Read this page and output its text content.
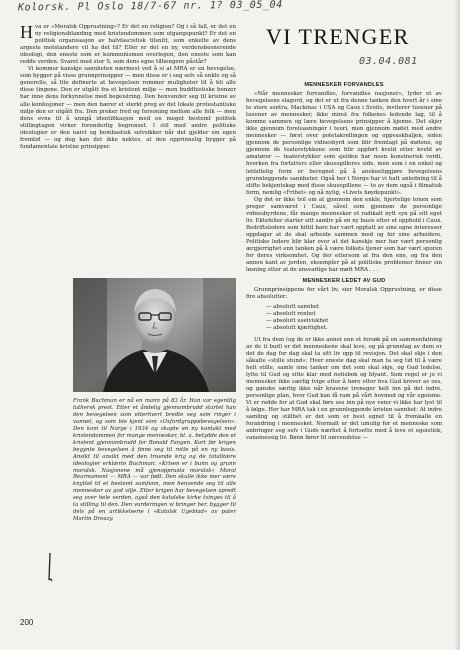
Kolorsk. Pl Oslo 18/7-67 nr. 1? 03_05_04

Hva er «Moralsk Opprustning»? Er det en religion? Og i så fall, er det en ny religionsblanding med kristendommen som utgangspunkt? Er det en politisk organisasjon av halvfascistisk tilsnitt, som enkelte av dens argeste motstandere vil ha det til? Eller er det en ny, verdensbesnerende ideologi, den eneste som er kommunismen overlegen, den eneste som kan redde verden. Svaret med stor S, som dens egne tilhengere påstår?

Vi kommer kanskje sannheten nærmest ved å si at MRA er en bevegelse, som bygger på visse grunnprinsipper — men disse er i seg selv så enkle og så generelle, så lite definerte at bevegelsen rommer muligheter til å bli alle disse tingene. Den er utgått fra et kristent miljø — men buddhistiske bonzer har inne dens forkynnelse med begeistring. Den henvender seg til kristne av alle konfesjoner — men den bærer et sterkt preg av det lokale protestantiske miljø den er utgått fra. Den preker fred og forsoning mellom alle folk — men dens evne til å unngå identifikasjon med en meget bestemt politisk stillingtagen virker forunderlig begrenset. I stil med andre politiske ideologier er den naivt og bombastisk selvsikker når det gjelder sin egen fremtid — og dog kan det ikke nektes, at den opprinnelig bygger på fundamentale kristne prinsipper.

VI TRENGER
03.04.081

Frank Buchman er nå en mann på 83 år. Han var egentlig luthersk prest. Etter et åndelig gjennombrudd startet han den bevegelsen som etterhvert bredte seg som ringer i vannet, og som ble kjent som «Oxfordgruppebevegelsen». Den kom til Norge i 1934 og skapte en ny kontakt med kristendommen for mange mennesker, bl. a. betydde den et kristent gjennombrudd for Ronald Fangen. Kort før krigen begynte bevegelsen å finne seg til rette på en ny basis. Ansikt til ansikt med den truende krig og de totalitære ideologier erklærte Buchman: «Krisen er i bunn og grunn moralsk. Nasjonene må gjenopprusta moralsk» Moral Rearmament — MRA — var født. Den skulle ikke mer være knyttet til et bestemt samfunn, men henvende seg til alle mennesker av god vilje. Etter krigen har bevegelsen spredt seg over hele verden, også den katolske kirke tvinges til å ta stilling til den. Den vurderingen vi bringer her, bygger til dels på en artikkelserie i «Katolsk Ugeblad» av pater Martin Drouzy.

MENNESKER FORVANDLES

«Når mennesker forvandles, forvandles nasjoner», lyder et av bevegelsens slagord, og det er ut fra denne tanken den hvert år i sine to store sentra, Mackinac i USA og Caux i Sveits, inviterer tusener på tusener av mennesker, ikke minst fra folkenes ledende lag, til å komme sammen og lære bevegelsens prinsipper å kjenne. Det skjer ikke gjennom foreleasninger i teori, men gjennom møtet med andre mennesker — først over potetakrellingen og oppvaskbaljen, siden gjennom de personlige vidnesbyrd som blir fremlagt på møtene, og gjennom de teaterstykkene som blir oppført kveld etter kveld av amatører — teaterstykker som sjelden har noen kunstnerisk verdi, hverken fra forfatters eller skuespilleres side, men som i en enkel og letfattelig form er beregnet på å anskueliggjøre bevegelsens grunnleggende sannheter. Også her i Norge har vi hatt anledning til å stifte bekjentskap med disse skuespillene — to av dem også i filmatisk form, nemlig «Frihet» og nå nylig, «Livets høydepunkt».

Og det er ikke tvil om at gjennom den enkle, hjertelige tonen som preger samværet i Caux, såvel som gjennom de personlige vidnesbyrdene, får mange mennesker et radikalt nytt syn på sitt eget liv. Ektefeller starter sitt samliv på en ny basis etter et opphold i Caux. Bedriftsledere som hittil bare har vært opptatt av sine egne interesser oppdager at de skal arbeide sammen med og for sine arbeidere. Politiske ledere blir klar over at det kanskje mer har vært personlig ærgjerrighet enn tanken på å være folkets tjener som har vært sporen for deres virksomhet. Og der ettersom at fra den ene, og fra den annen kant av jorden, eksempler på at politiske problemer finner sin løsning etter at de ansvarlige har møtt MRA . . .

MENNESKER LEDET AV GUD

Grunnprinsippene for vårt liv, sier Moralsk Opprustning, er disse fire absolutter:

— absolutt sannhet
— absolutt renhet
— absolutt uselviskhet
— absolutt kjærlighet.

Ut fra dem (og de er ikke annet enn et forsøk på en sammenfatning av de ti bud) er det menneskene skal leve, og på grunnlag av dem er det de dag for dag skal ta sitt liv opp til revisjon. Det skal skje i den såkalte «stille stund»: Hver eneste dag skal man ta seg tid til å være helt stille, samle sine tanker om det som skal skje, og Gud ledelse, lytte til Gud og sitte klar med notisbok og blyant. Som regel er jo vi mennesker ikke særlig tvige etter å høre etter hva Gud krever av oss, og ganske særlig ikke når kravene treneger helt inn på det indre, personlige plan, hvor Gud kan få ram på vårt hovmod og vår egoisme. Vi er redde for at Gud skal føre oss inn på nye veier vi ikke har lyst til å følge. Her har MRA tak i en grunnleggende kristen sannhet: At indre samling og stillhet er det som er best egnet til å fremkalle en forandring i mennesket. Normalt er det umulig for et menneske som anbringer seg selv i Guds nærhet å fortsette med å leve et egoistisk, vanemessig liv. Bønn fører til omvendelse —

200
